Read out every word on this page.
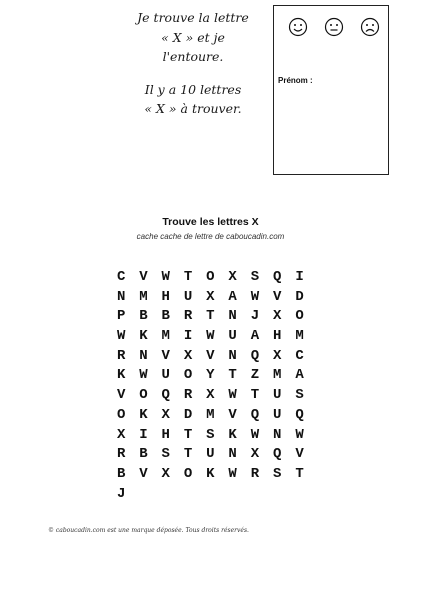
Je trouve la lettre
« X » et je
l'entoure.
Il y a 10 lettres
« X » à trouver.
Prénom :
Trouve les lettres X
cache cache de lettre de caboucadin.com
C V W T O X S Q I
N M H U X A W V D
P B B R T N J X O
W K M I W U A H M
R N V X V N Q X C
K W U O Y T Z M A
V O Q R X W T U S
O K X D M V Q U Q
X I H T S K W N W
R B S T U N X Q V
B V X O K W R S T
J
© caboucadin.com est une marque déposée. Tous droits réservés.
